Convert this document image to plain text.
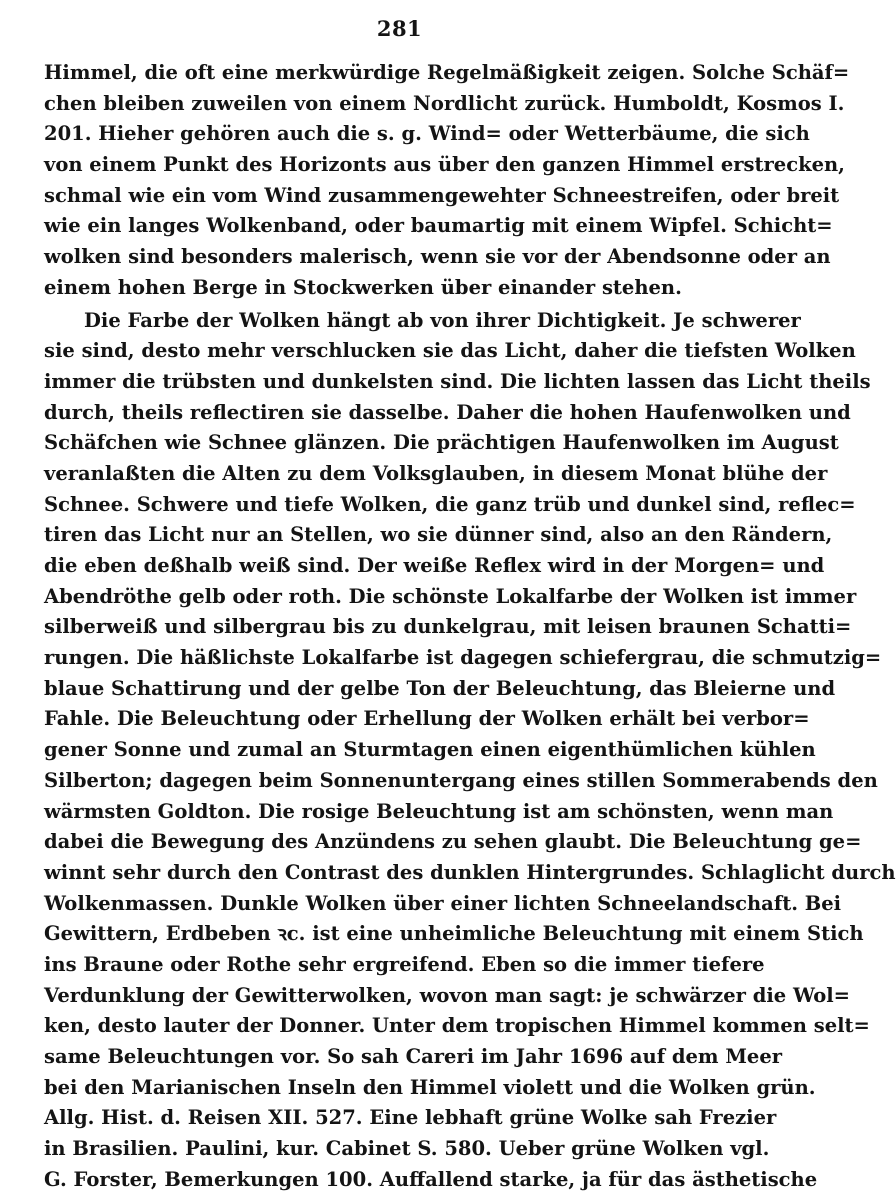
281
Himmel, die oft eine merkwürdige Regelmäßigkeit zeigen. Solche Schäf=
chen bleiben zuweilen von einem Nordlicht zurück. Humboldt, Kosmos I.
201. Hieher gehören auch die s. g. Wind= oder Wetterbäume, die sich
von einem Punkt des Horizonts aus über den ganzen Himmel erstrecken,
schmal wie ein vom Wind zusammengewehter Schneestreifen, oder breit
wie ein langes Wolkenband, oder baumartig mit einem Wipfel. Schicht=
wolken sind besonders malerisch, wenn sie vor der Abendsonne oder an
einem hohen Berge in Stockwerken über einander stehen.
Die Farbe der Wolken hängt ab von ihrer Dichtigkeit. Je schwerer
sie sind, desto mehr verschlucken sie das Licht, daher die tiefsten Wolken
immer die trübsten und dunkelsten sind. Die lichten lassen das Licht theils
durch, theils reflectiren sie dasselbe. Daher die hohen Haufenwolken und
Schäfchen wie Schnee glänzen. Die prächtigen Haufenwolken im August
veranlaßten die Alten zu dem Volksglauben, in diesem Monat blühe der
Schnee. Schwere und tiefe Wolken, die ganz trüb und dunkel sind, reflec=
tiren das Licht nur an Stellen, wo sie dünner sind, also an den Rändern,
die eben deßhalb weiß sind. Der weiße Reflex wird in der Morgen= und
Abendröthe gelb oder roth. Die schönste Lokalfarbe der Wolken ist immer
silberweiß und silbergrau bis zu dunkelgrau, mit leisen braunen Schatti=
rungen. Die häßlichste Lokalfarbe ist dagegen schiefergrau, die schmutzig=
blaue Schattirung und der gelbe Ton der Beleuchtung, das Bleierne und
Fahle. Die Beleuchtung oder Erhellung der Wolken erhält bei verbor=
gener Sonne und zumal an Sturmtagen einen eigenthümlichen kühlen
Silberton; dagegen beim Sonnenuntergang eines stillen Sommerabends den
wärmsten Goldton. Die rosige Beleuchtung ist am schönsten, wenn man
dabei die Bewegung des Anzündens zu sehen glaubt. Die Beleuchtung ge=
winnt sehr durch den Contrast des dunklen Hintergrundes. Schlaglicht durch
Wolkenmassen. Dunkle Wolken über einer lichten Schneelandschaft. Bei
Gewittern, Erdbeben ꝛc. ist eine unheimliche Beleuchtung mit einem Stich
ins Braune oder Rothe sehr ergreifend. Eben so die immer tiefere
Verdunklung der Gewitterwolken, wovon man sagt: je schwärzer die Wol=
ken, desto lauter der Donner. Unter dem tropischen Himmel kommen selt=
same Beleuchtungen vor. So sah Careri im Jahr 1696 auf dem Meer
bei den Marianischen Inseln den Himmel violett und die Wolken grün.
Allg. Hist. d. Reisen XII. 527. Eine lebhaft grüne Wolke sah Frezier
in Brasilien. Paulini, kur. Cabinet S. 580. Ueber grüne Wolken vgl.
G. Forster, Bemerkungen 100. Auffallend starke, ja für das ästhetische
